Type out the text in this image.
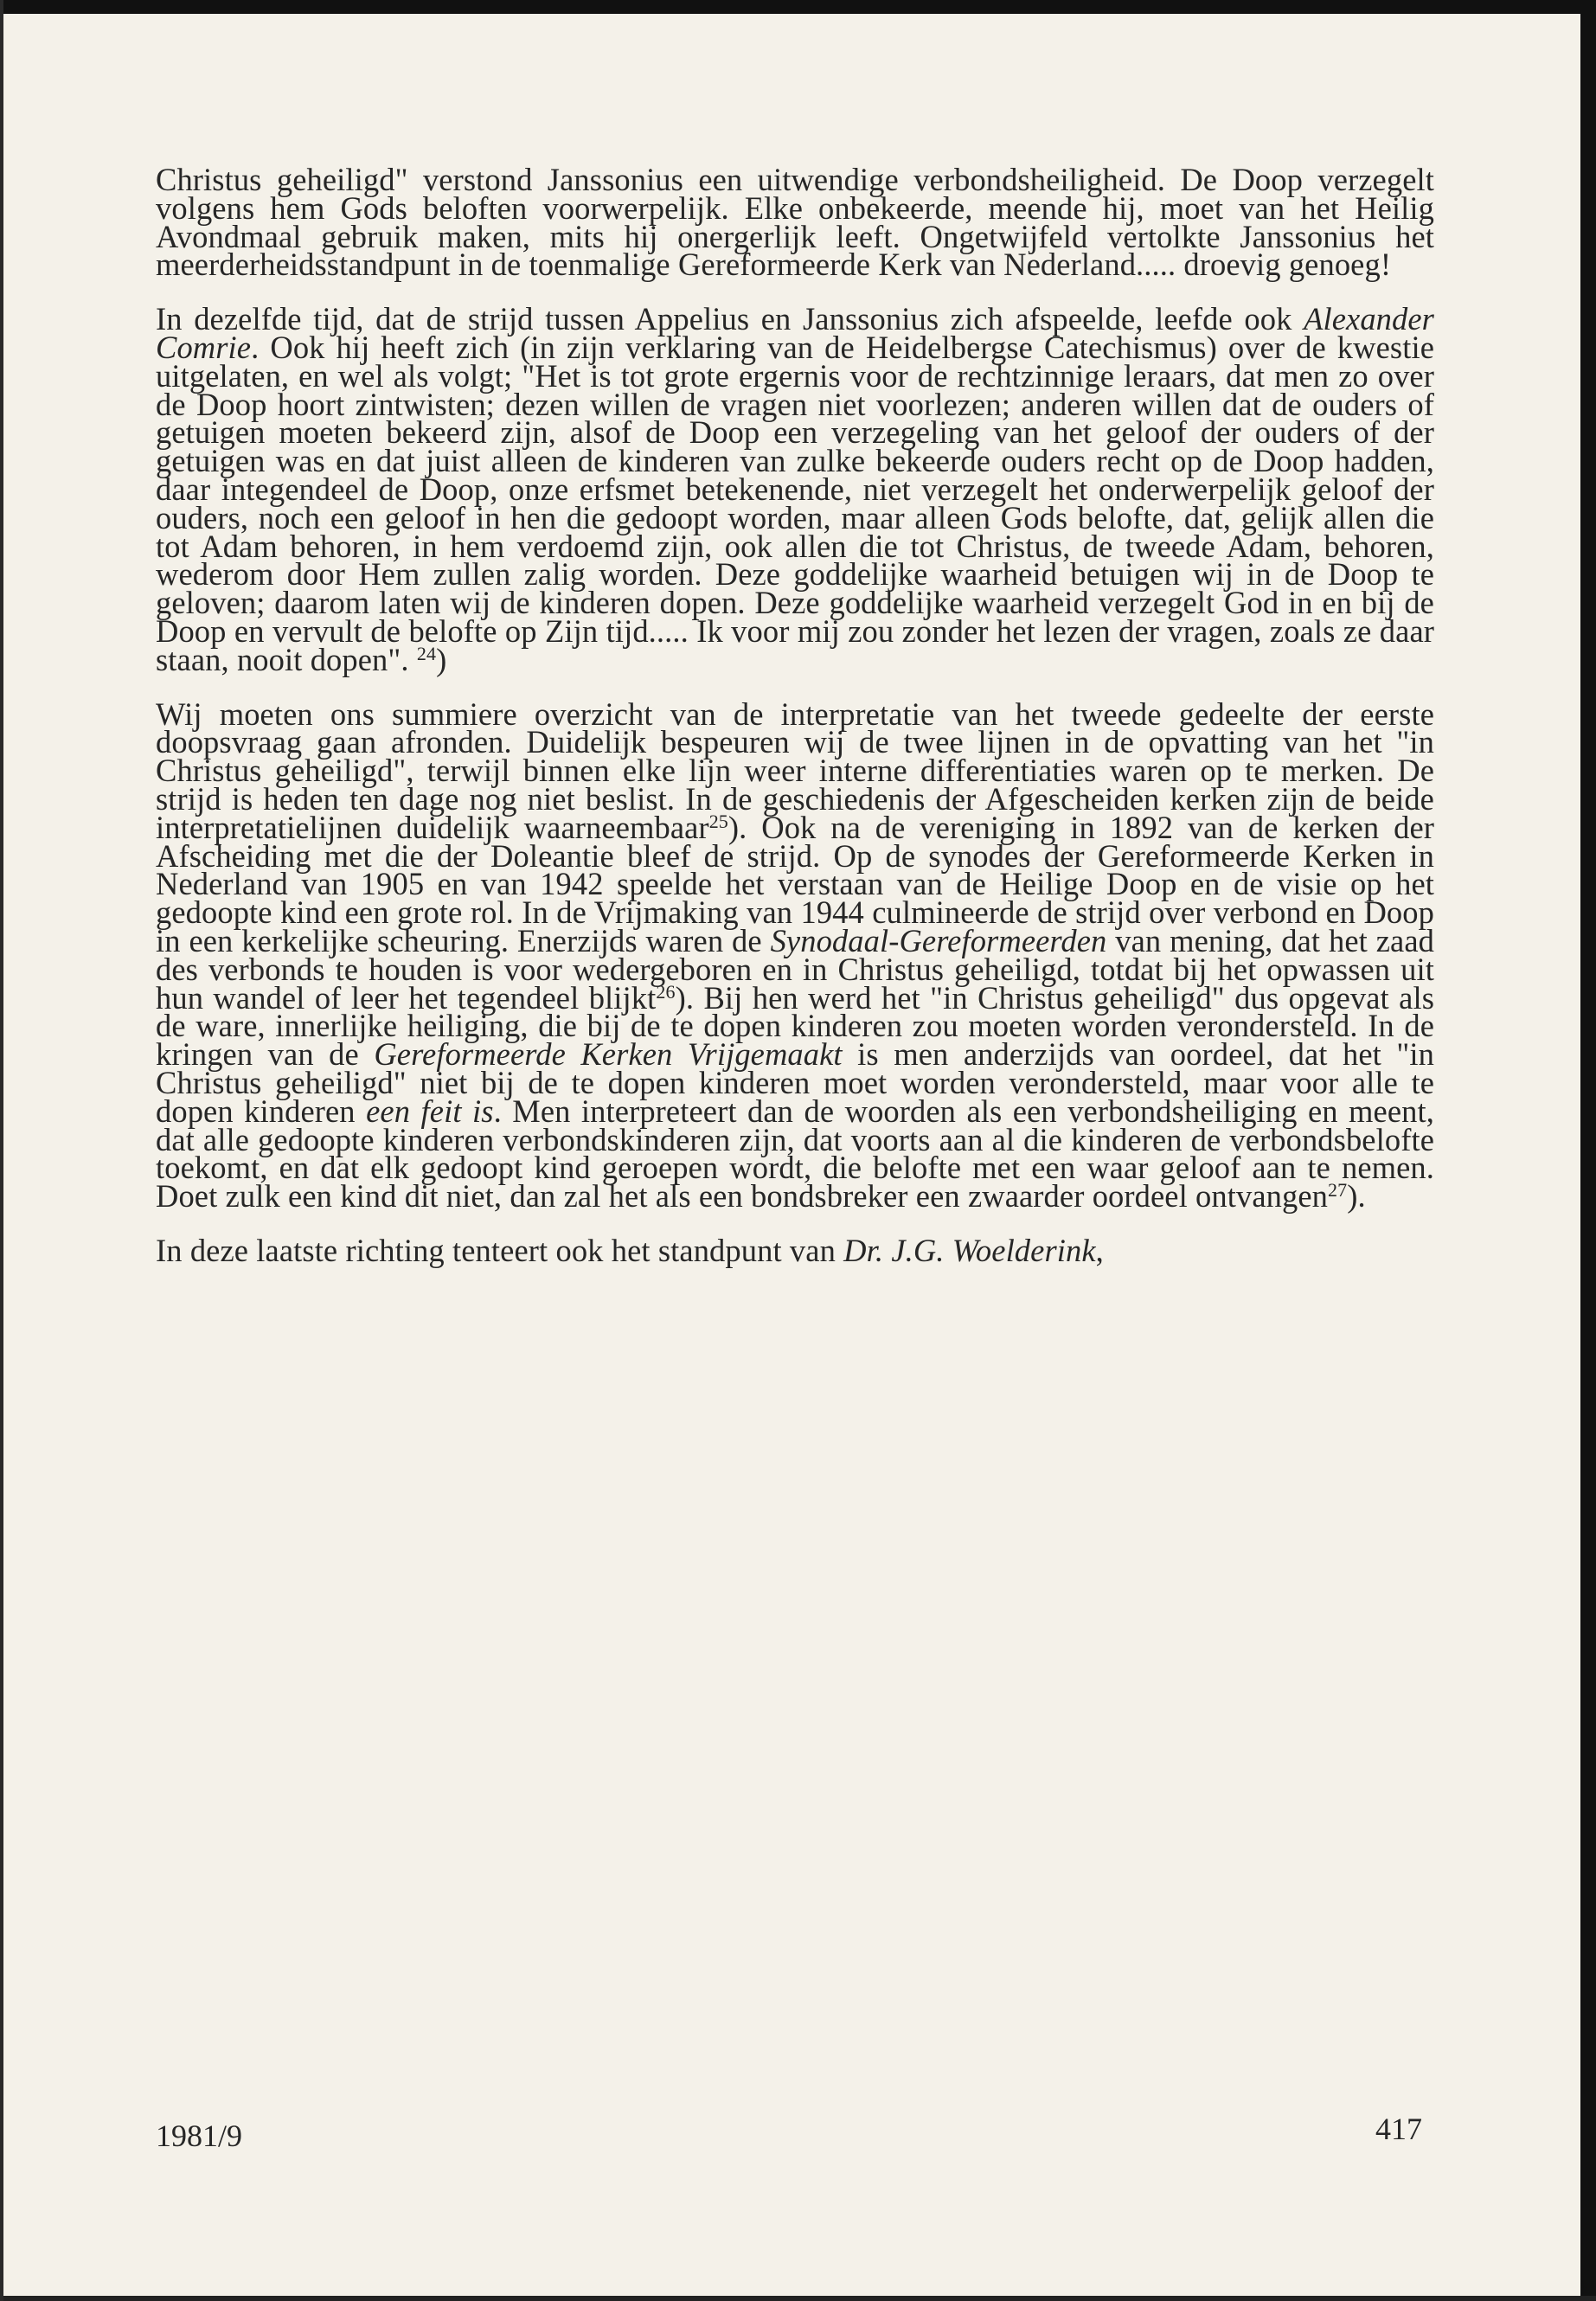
Christus geheiligd" verstond Janssonius een uitwendige verbondsheiligheid. De Doop verzegelt volgens hem Gods beloften voorwerpelijk. Elke onbekeerde, meende hij, moet van het Heilig Avondmaal gebruik maken, mits hij onergerlijk leeft. Ongetwijfeld vertolkte Janssonius het meerderheidsstandpunt in de toenmalige Gereformeerde Kerk van Nederland..... droevig genoeg!

In dezelfde tijd, dat de strijd tussen Appelius en Janssonius zich afspeelde, leefde ook Alexander Comrie. Ook hij heeft zich (in zijn verklaring van de Heidelbergse Catechismus) over de kwestie uitgelaten, en wel als volgt; "Het is tot grote ergernis voor de rechtzinnige leraars, dat men zo over de Doop hoort zintwisten; dezen willen de vragen niet voorlezen; anderen willen dat de ouders of getuigen moeten bekeerd zijn, alsof de Doop een verzegeling van het geloof der ouders of der getuigen was en dat juist alleen de kinderen van zulke bekeerde ouders recht op de Doop hadden, daar integendeel de Doop, onze erfsmet betekenende, niet verzegelt het onderwerpelijk geloof der ouders, noch een geloof in hen die gedoopt worden, maar alleen Gods belofte, dat, gelijk allen die tot Adam behoren, in hem verdoemd zijn, ook allen die tot Christus, de tweede Adam, behoren, wederom door Hem zullen zalig worden. Deze goddelijke waarheid betuigen wij in de Doop te geloven; daarom laten wij de kinderen dopen. Deze goddelijke waarheid verzegelt God in en bij de Doop en vervult de belofte op Zijn tijd..... Ik voor mij zou zonder het lezen der vragen, zoals ze daar staan, nooit dopen". $^{24}$)

Wij moeten ons summiere overzicht van de interpretatie van het tweede gedeelte der eerste doopsvraag gaan afronden. Duidelijk bespeuren wij de twee lijnen in de opvatting van het "in Christus geheiligd", terwijl binnen elke lijn weer interne differentiaties waren op te merken. De strijd is heden ten dage nog niet beslist. In de geschiedenis der Afgescheiden kerken zijn de beide interpretatielijnen duidelijk waarneembaar$^{25}$). Ook na de vereniging in 1892 van de kerken der Afscheiding met die der Doleantie bleef de strijd. Op de synodes der Gereformeerde Kerken in Nederland van 1905 en van 1942 speelde het verstaan van de Heilige Doop en de visie op het gedoopte kind een grote rol. In de Vrijmaking van 1944 culmineerde de strijd over verbond en Doop in een kerkelijke scheuring. Enerzijds waren de Synodaal-Gereformeerden van mening, dat het zaad des verbonds te houden is voor wedergeboren en in Christus geheiligd, totdat bij het opwassen uit hun wandel of leer het tegendeel blijkt$^{26}$). Bij hen werd het "in Christus geheiligd" dus opgevat als de ware, innerlijke heiliging, die bij de te dopen kinderen zou moeten worden verondersteld. In de kringen van de Gereformeerde Kerken Vrijgemaakt is men anderzijds van oordeel, dat het "in Christus geheiligd" niet bij de te dopen kinderen moet worden verondersteld, maar voor alle te dopen kinderen een feit is. Men interpreteert dan de woorden als een verbondsheiliging en meent, dat alle gedoopte kinderen verbondskinderen zijn, dat voorts aan al die kinderen de verbondsbelofte toekomt, en dat elk gedoopt kind geroepen wordt, die belofte met een waar geloof aan te nemen. Doet zulk een kind dit niet, dan zal het als een bondsbreker een zwaarder oordeel ontvangen$^{27}$).

In deze laatste richting tenteert ook het standpunt van Dr. J.G. Woelderink,

1981/9	417
